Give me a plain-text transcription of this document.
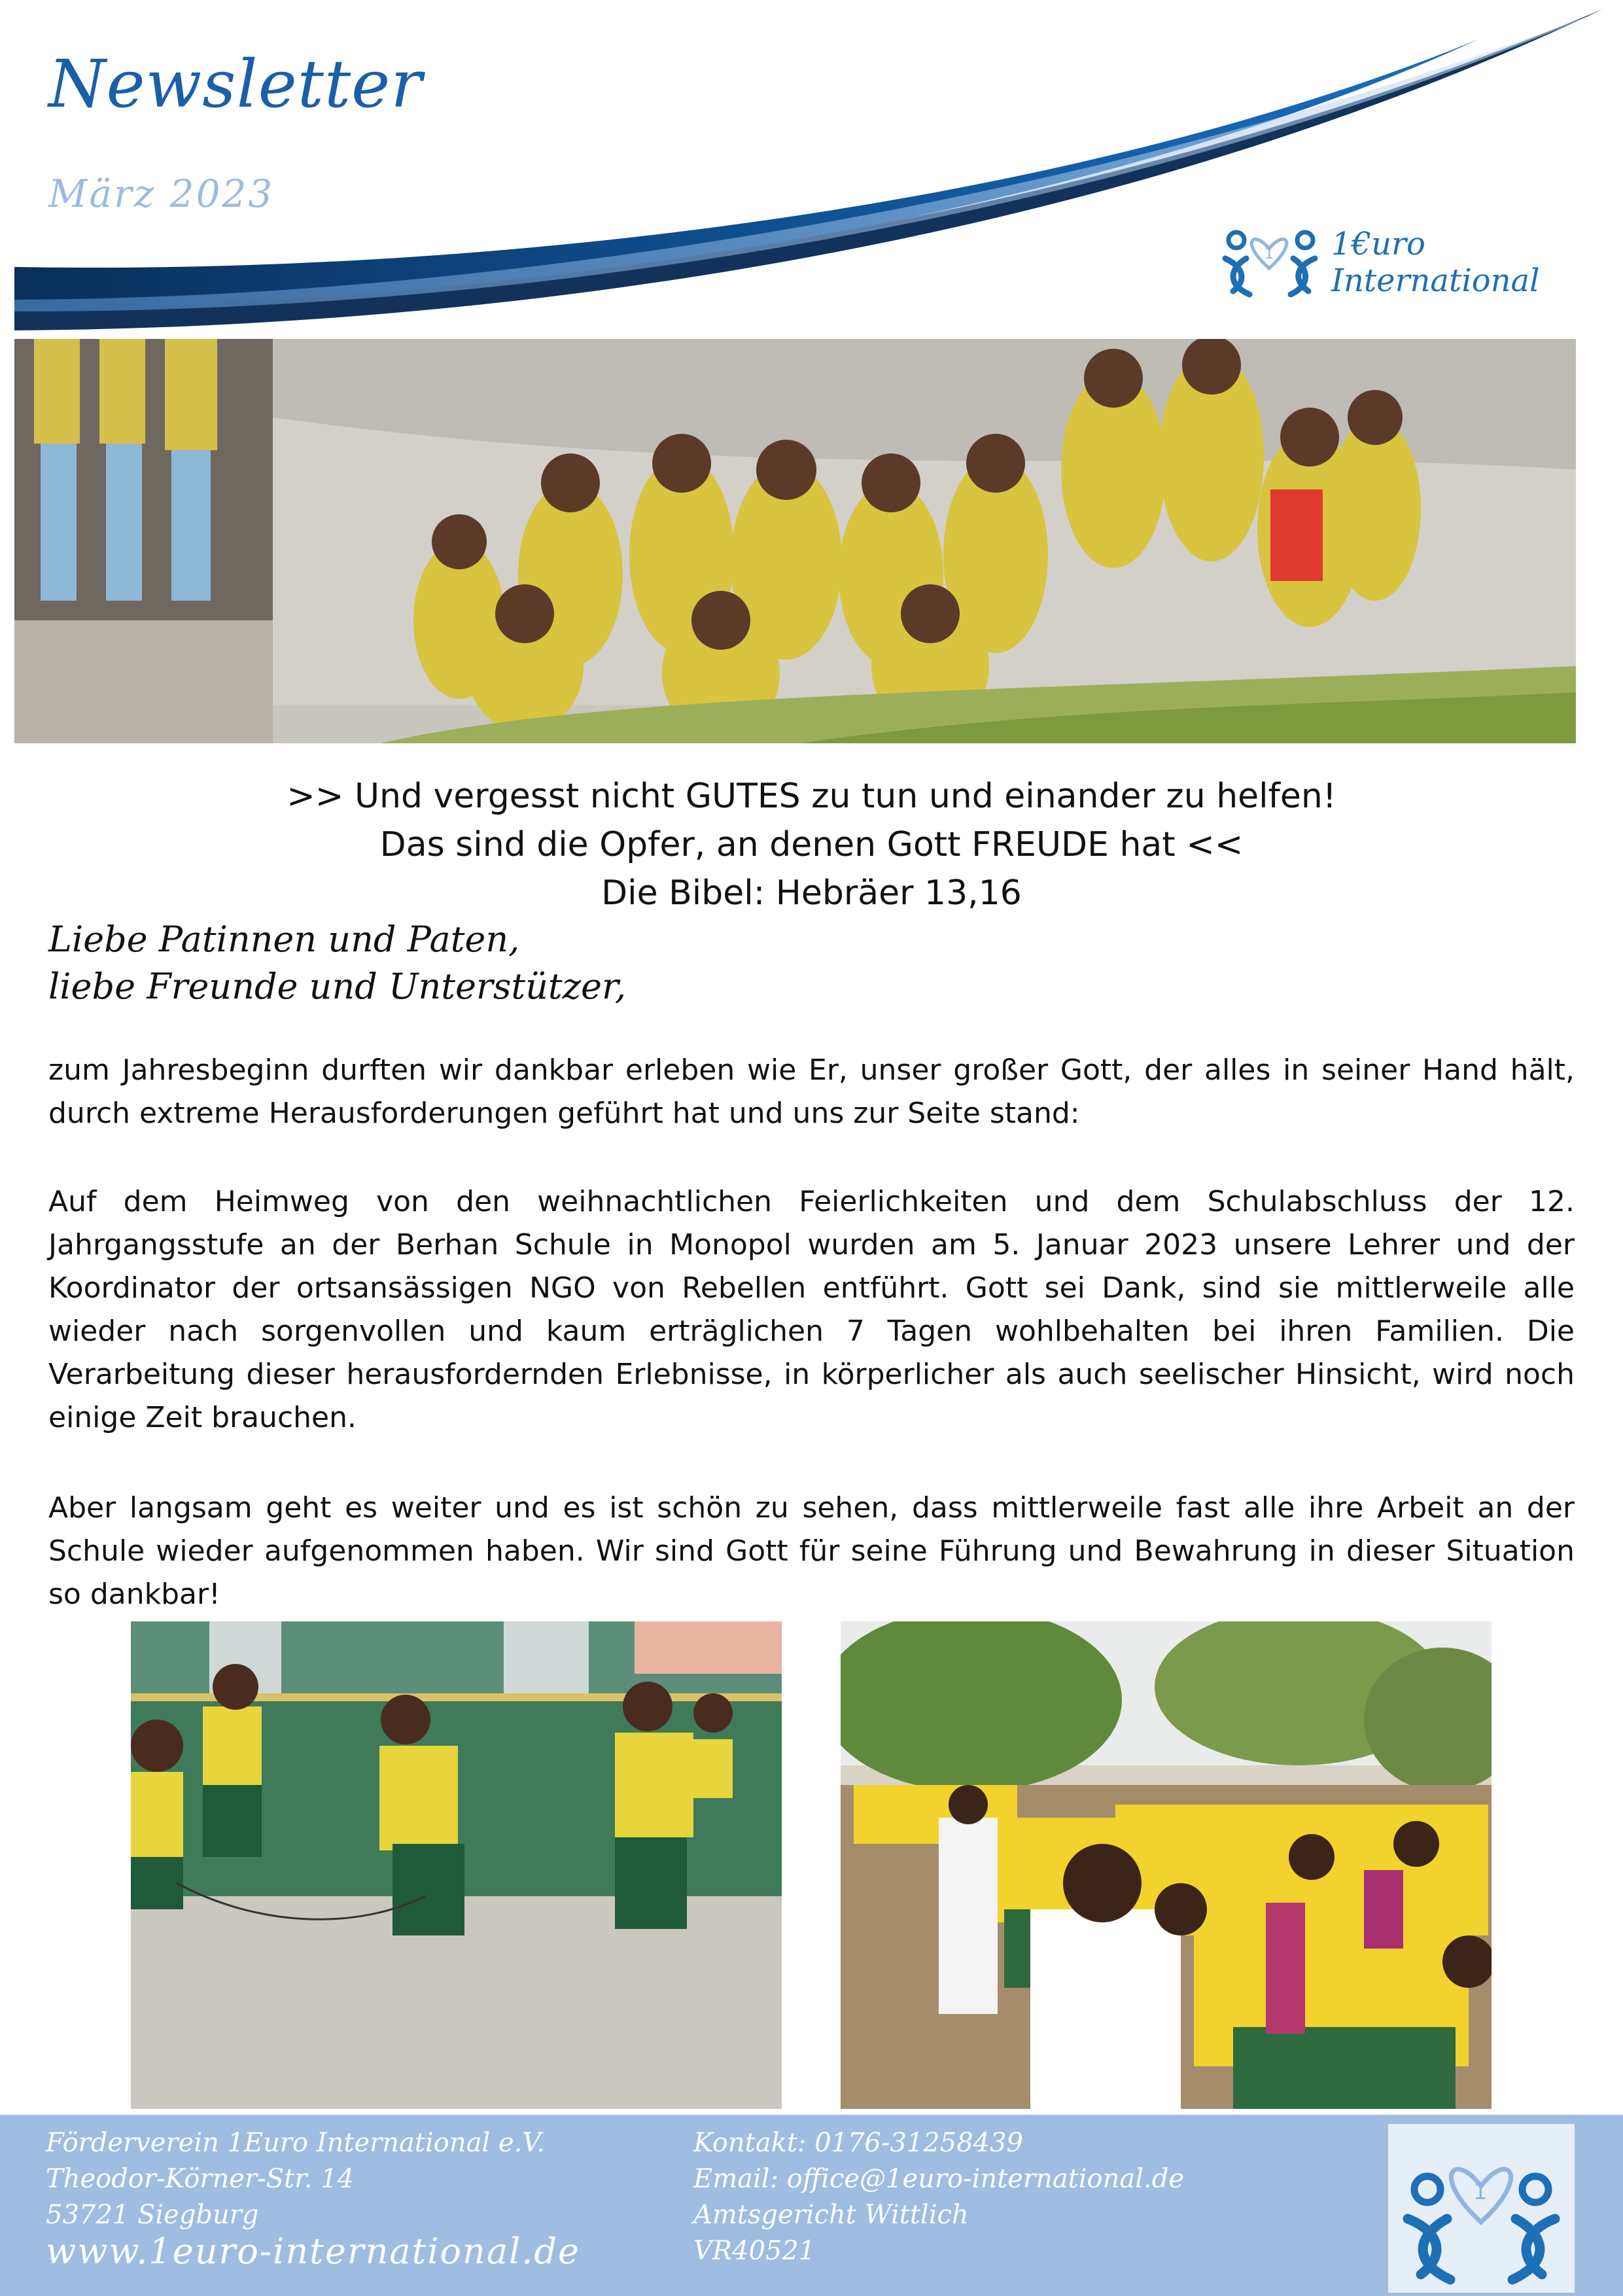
Newsletter
März 2023
1 1€uro
International
>> Und vergesst nicht GUTES zu tun und einander zu helfen!
Das sind die Opfer, an denen Gott FREUDE hat <<
Die Bibel: Hebräer 13,16
Liebe Patinnen und Paten,
liebe Freunde und Unterstützer,
zum Jahresbeginn durften wir dankbar erleben wie Er, unser großer Gott, der alles in seiner Hand hält, durch extreme Herausforderungen geführt hat und uns zur Seite stand:
Auf dem Heimweg von den weihnachtlichen Feierlichkeiten und dem Schulabschluss der 12. Jahrgangsstufe an der Berhan Schule in Monopol wurden am 5. Januar 2023 unsere Lehrer und der Koordinator der ortsansässigen NGO von Rebellen entführt. Gott sei Dank, sind sie mittlerweile alle wieder nach sorgenvollen und kaum erträglichen 7 Tagen wohlbehalten bei ihren Familien. Die Verarbeitung dieser herausfordernden Erlebnisse, in körperlicher als auch seelischer Hinsicht, wird noch einige Zeit brauchen.
Aber langsam geht es weiter und es ist schön zu sehen, dass mittlerweile fast alle ihre Arbeit an der Schule wieder aufgenommen haben. Wir sind Gott für seine Führung und Bewahrung in dieser Situation so dankbar!
Förderverein 1Euro International e.V.
Theodor-Körner-Str. 14
53721 Siegburg
www.1euro-international.de
Kontakt: 0176-31258439
Email: office@1euro-international.de
Amtsgericht Wittlich
VR40521
1
